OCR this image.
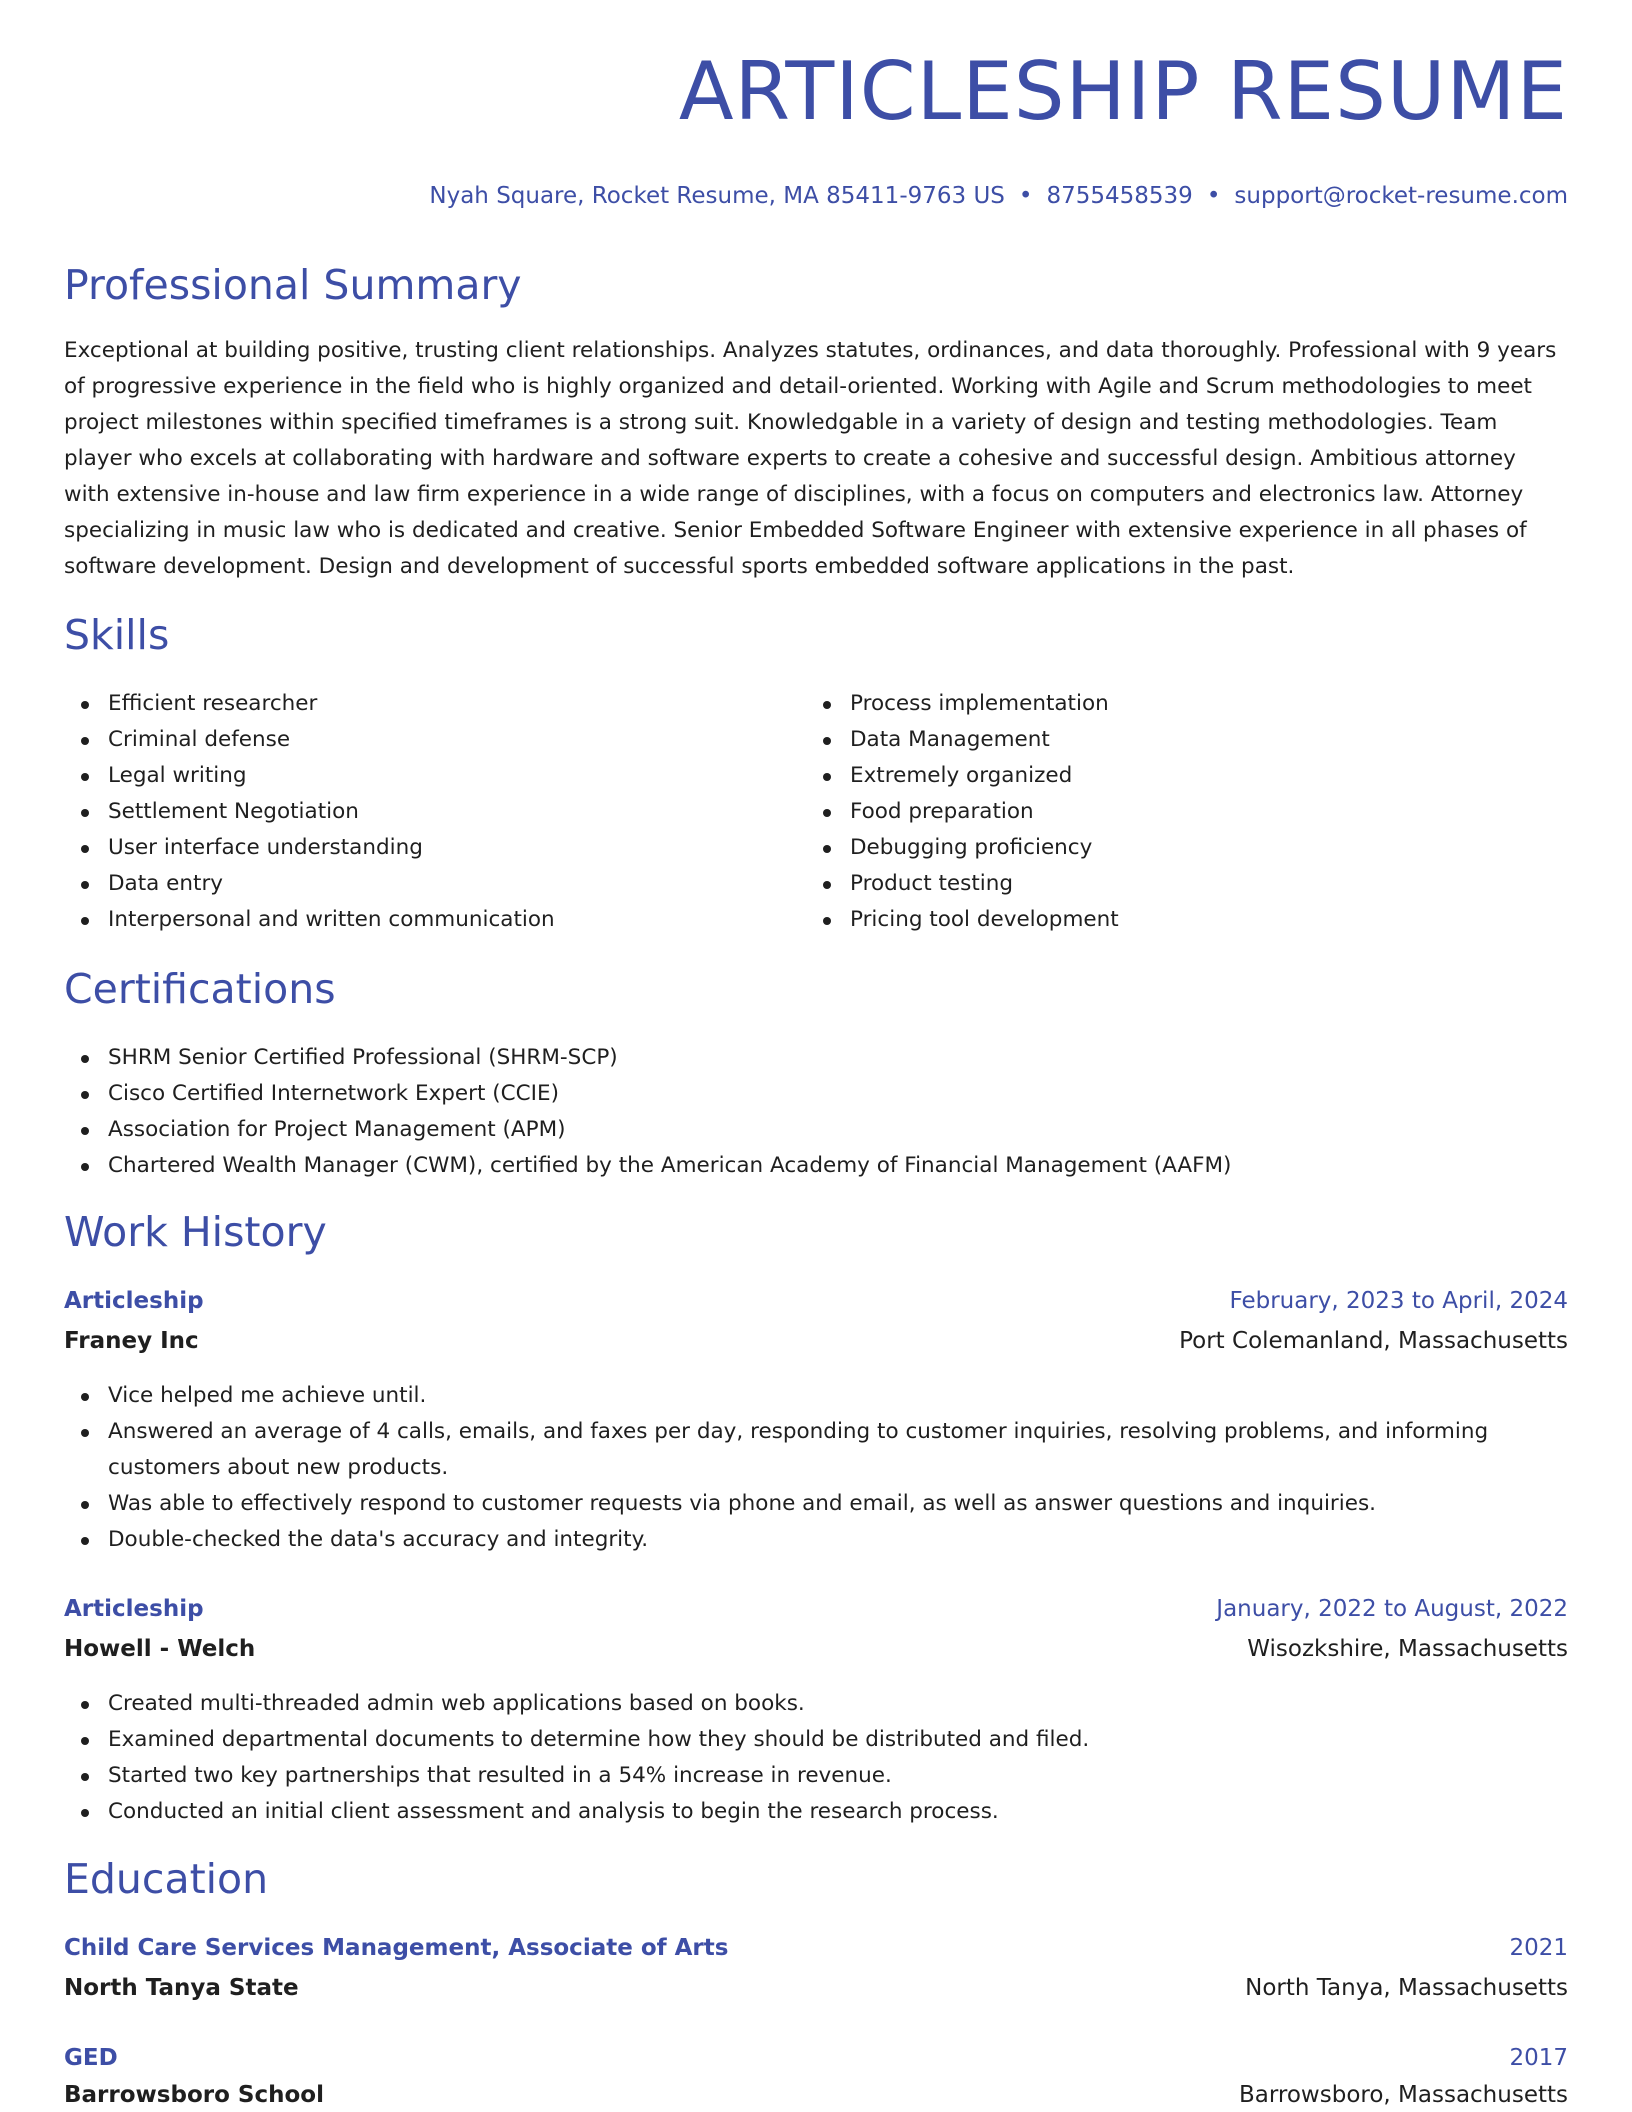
ARTICLESHIP RESUME
Nyah Square, Rocket Resume, MA 85411-9763 US • 8755458539 • support@rocket-resume.com
Professional Summary

Exceptional at building positive, trusting client relationships. Analyzes statutes, ordinances, and data thoroughly. Professional with 9 years of progressive experience in the field who is highly organized and detail-oriented. Working with Agile and Scrum methodologies to meet project milestones within specified timeframes is a strong suit. Knowledgable in a variety of design and testing methodologies. Team player who excels at collaborating with hardware and software experts to create a cohesive and successful design. Ambitious attorney with extensive in-house and law firm experience in a wide range of disciplines, with a focus on computers and electronics law. Attorney specializing in music law who is dedicated and creative. Senior Embedded Software Engineer with extensive experience in all phases of software development. Design and development of successful sports embedded software applications in the past.

Skills
Efficient researcher
Criminal defense
Legal writing
Settlement Negotiation
User interface understanding
Data entry
Interpersonal and written communication
Process implementation
Data Management
Extremely organized
Food preparation
Debugging proficiency
Product testing
Pricing tool development
Certifications
SHRM Senior Certified Professional (SHRM-SCP)
Cisco Certified Internetwork Expert (CCIE)
Association for Project Management (APM)
Chartered Wealth Manager (CWM), certified by the American Academy of Financial Management (AAFM)
Work History
Articleship	February, 2023 to April, 2024
Franey Inc	Port Colemanland, Massachusetts
Vice helped me achieve until.
Answered an average of 4 calls, emails, and faxes per day, responding to customer inquiries, resolving problems, and informing customers about new products.
Was able to effectively respond to customer requests via phone and email, as well as answer questions and inquiries.
Double-checked the data's accuracy and integrity.
Articleship	January, 2022 to August, 2022
Howell - Welch	Wisozkshire, Massachusetts
Created multi-threaded admin web applications based on books.
Examined departmental documents to determine how they should be distributed and filed.
Started two key partnerships that resulted in a 54% increase in revenue.
Conducted an initial client assessment and analysis to begin the research process.
Education
Child Care Services Management, Associate of Arts	2021
North Tanya State	North Tanya, Massachusetts
GED	2017
Barrowsboro School	Barrowsboro, Massachusetts
